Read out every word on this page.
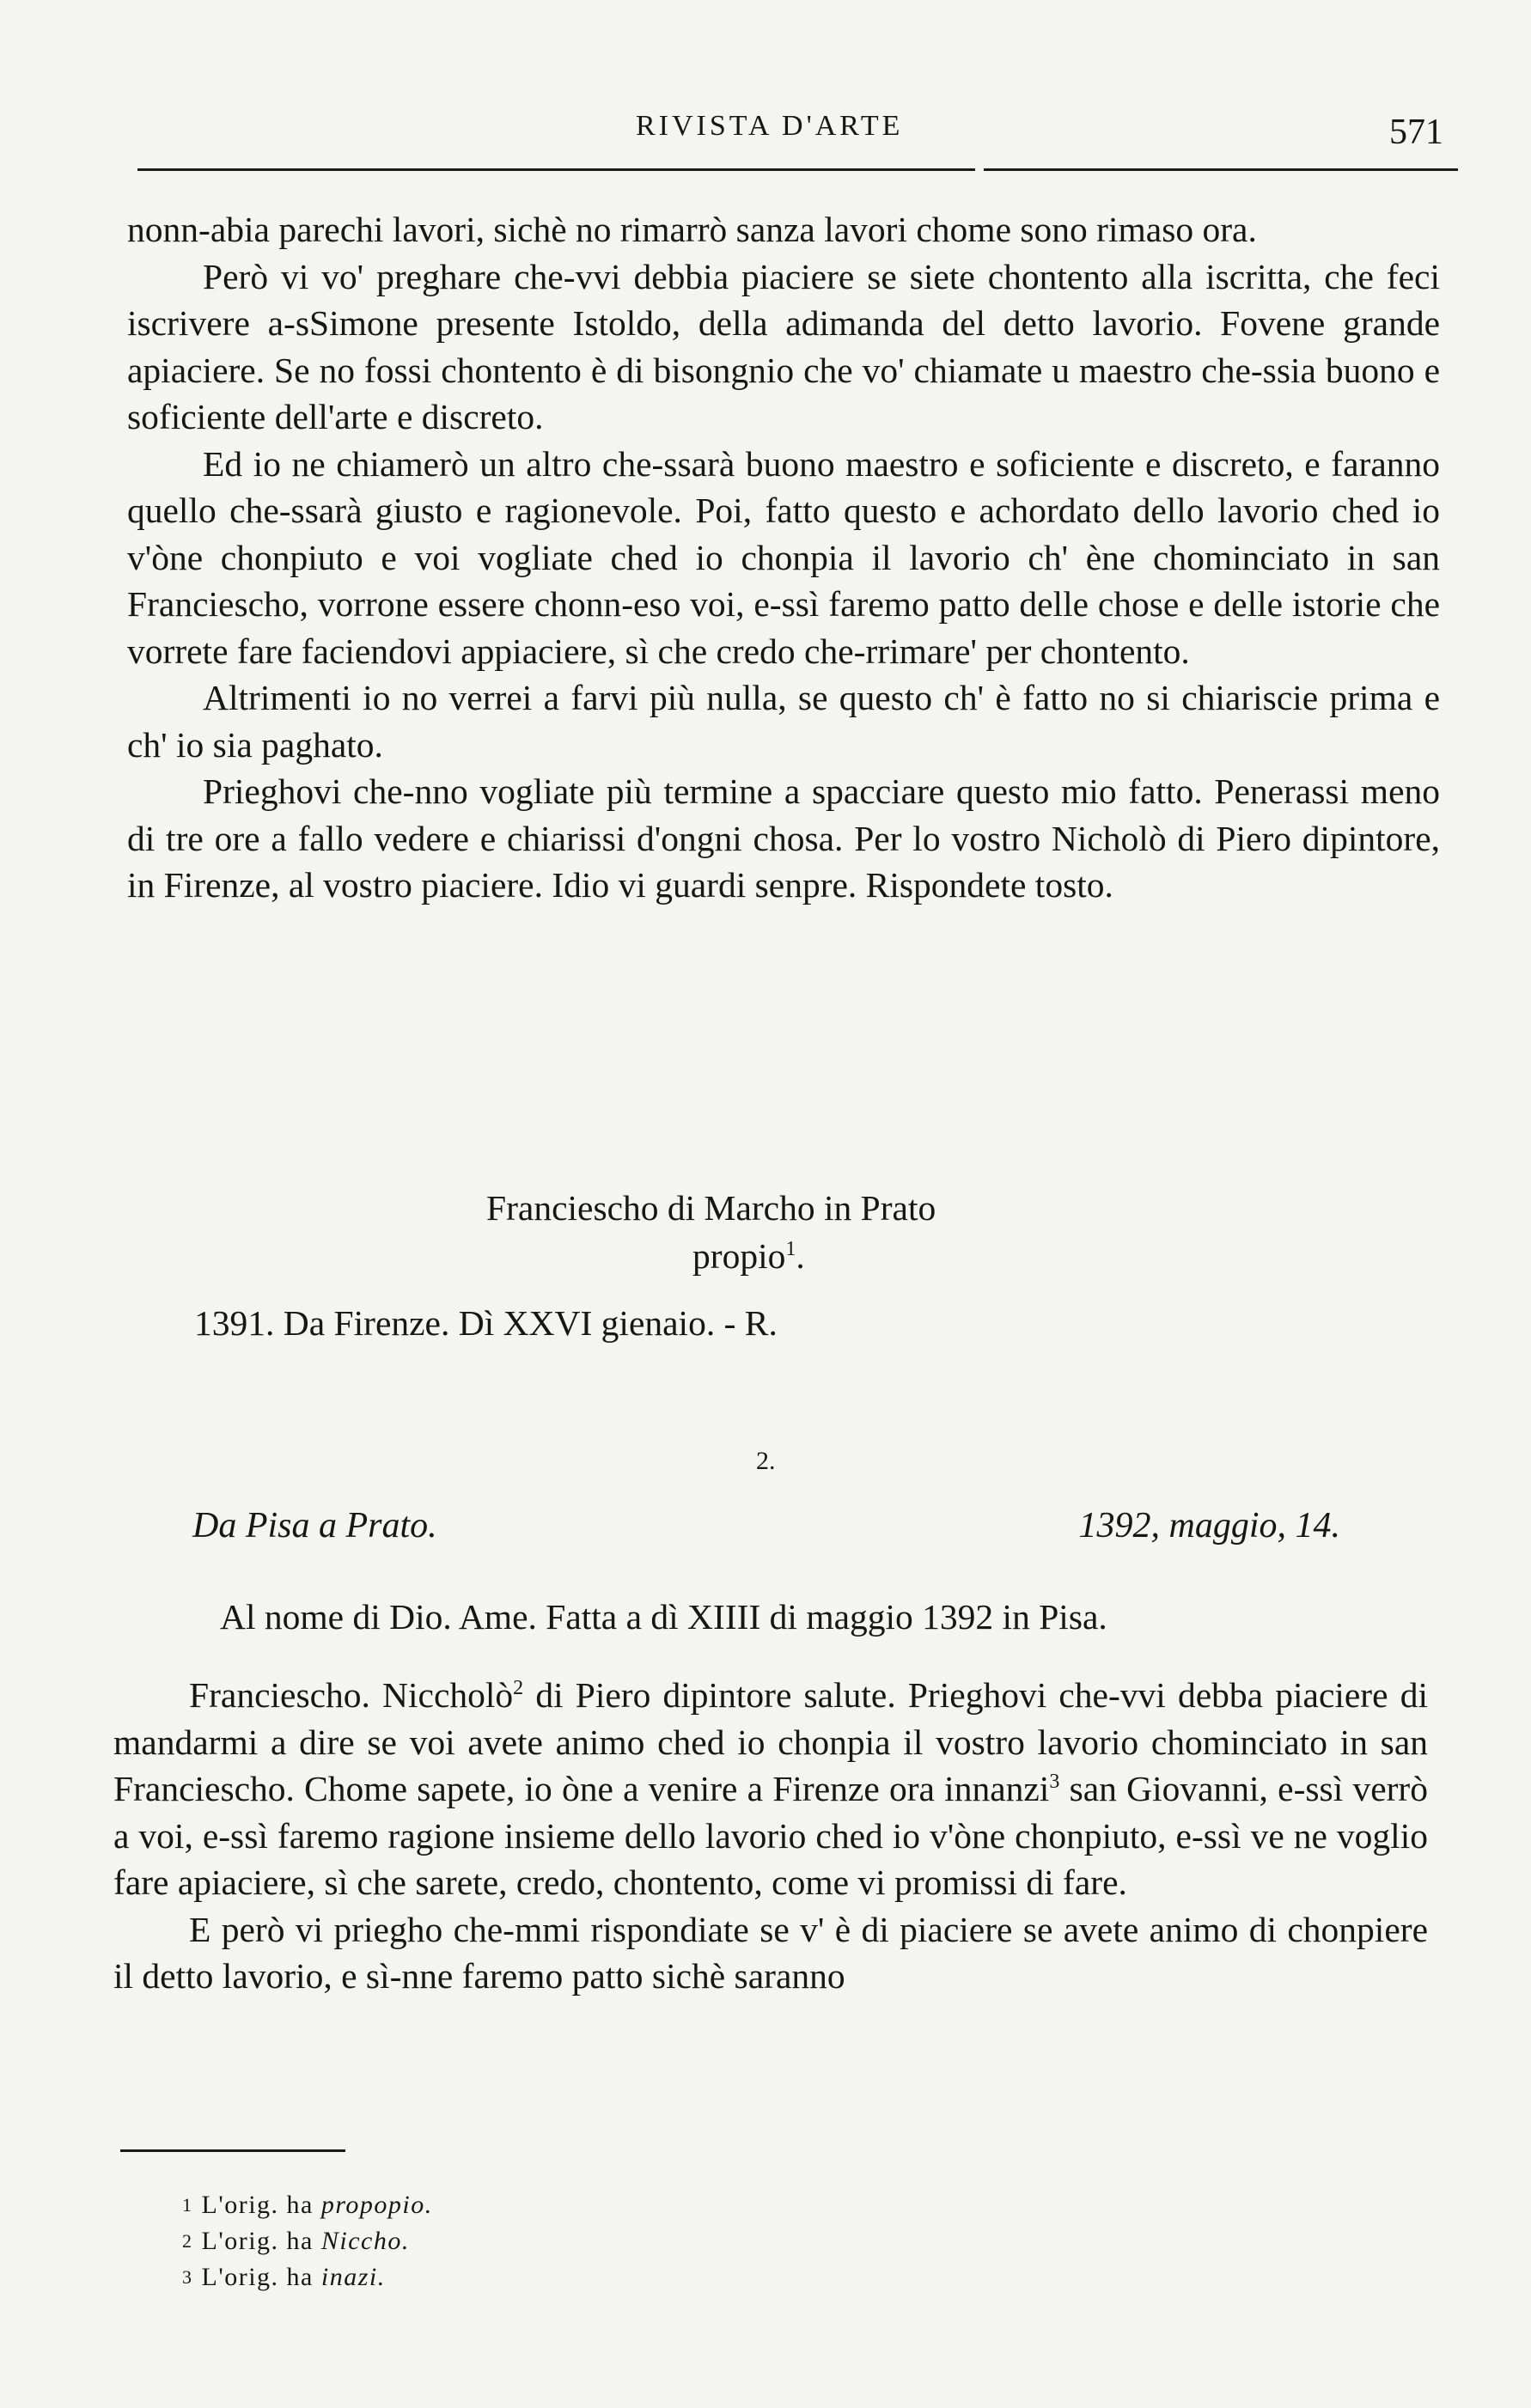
RIVISTA D'ARTE	571

nonn-abia parechi lavori, sichè no rimarrò sanza lavori chome sono rimaso ora.

Però vi vo' preghare che-vvi debbia piaciere se siete chontento alla iscritta, che feci iscrivere a-sSimone presente Istoldo, della adimanda del detto lavorio. Fovene grande apiaciere. Se no fossi chontento è di bisongnio che vo' chiamate u maestro che-ssia buono e soficiente dell'arte e discreto.

Ed io ne chiamerò un altro che-ssarà buono maestro e soficiente e discreto, e faranno quello che-ssarà giusto e ragionevole. Poi, fatto questo e achordato dello lavorio ched io v'òne chonpiuto e voi vogliate ched io chonpia il lavorio ch' ène chominciato in san Franciescho, vorrone essere chonn-eso voi, e-ssì faremo patto delle chose e delle istorie che vorrete fare faciendovi appiaciere, sì che credo che-rrimare' per chontento.

Altrimenti io no verrei a farvi più nulla, se questo ch' è fatto no si chiariscie prima e ch' io sia paghato.

Prieghovi che-nno vogliate più termine a spacciare questo mio fatto. Penerassi meno di tre ore a fallo vedere e chiarissi d'ongni chosa. Per lo vostro Nicholò di Piero dipintore, in Firenze, al vostro piaciere. Idio vi guardi senpre. Rispondete tosto.

Franciescho di Marcho in Prato
propio$^1$.
1391. Da Firenze. Dì XXVI gienaio. - R.
2.
Da Pisa a Prato.	1392, maggio, 14.
Al nome di Dio. Ame. Fatta a dì XIIII di maggio 1392 in Pisa.

Franciescho. Niccholò$^2$ di Piero dipintore salute. Prieghovi che-vvi debba piaciere di mandarmi a dire se voi avete animo ched io chonpia il vostro lavorio chominciato in san Franciescho. Chome sapete, io òne a venire a Firenze ora innanzi$^3$ san Giovanni, e-ssì verrò a voi, e-ssì faremo ragione insieme dello lavorio ched io v'òne chonpiuto, e-ssì ve ne voglio fare apiaciere, sì che sarete, credo, chontento, come vi promissi di fare.

E però vi priegho che-mmi rispondiate se v' è di piaciere se avete animo di chonpiere il detto lavorio, e sì-nne faremo patto sichè saranno

$^1$ L'orig. ha propopio.

$^2$ L'orig. ha Niccho.

$^3$ L'orig. ha inazi.
